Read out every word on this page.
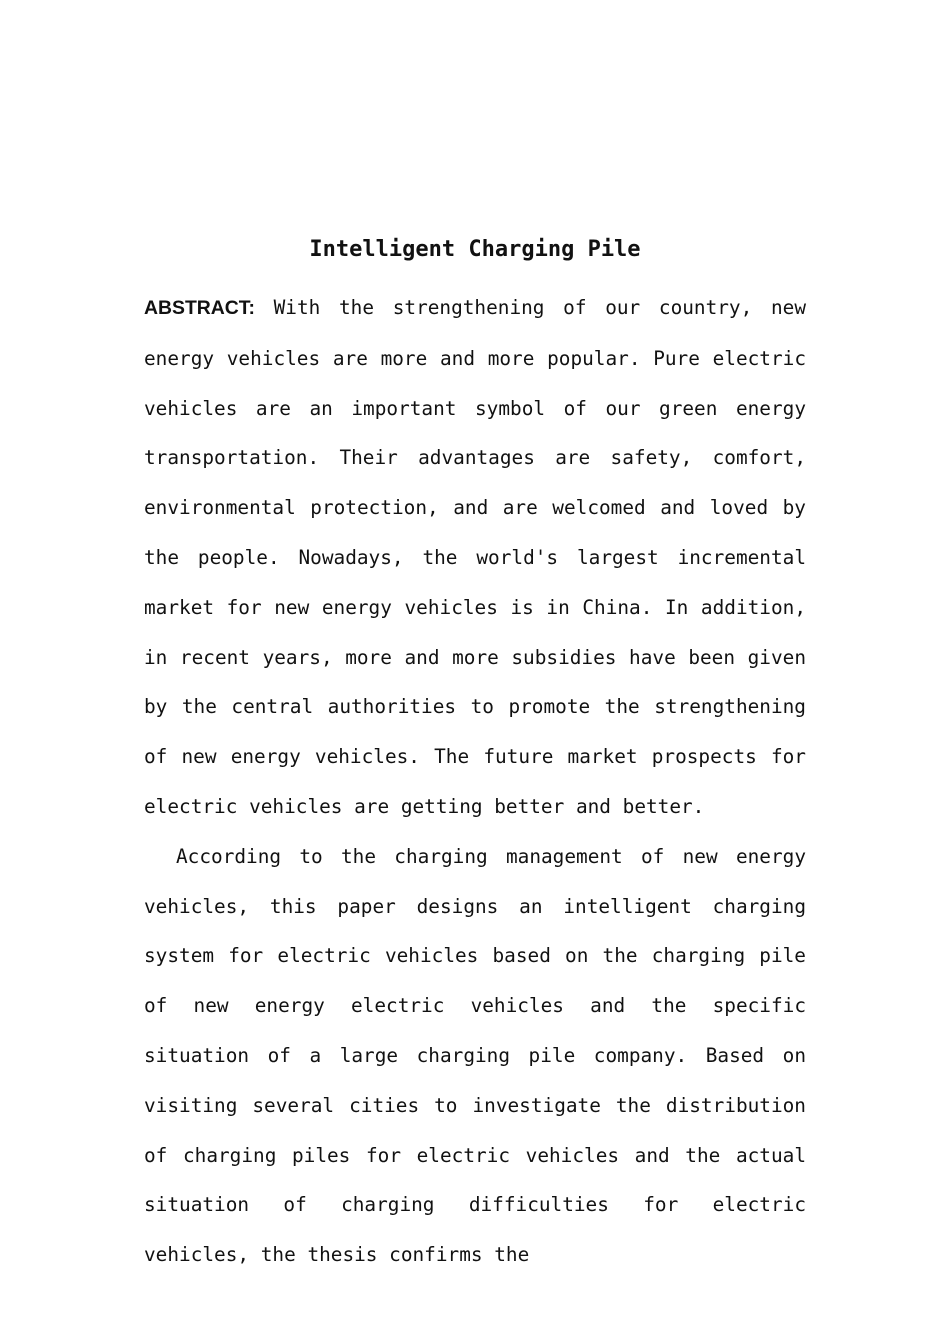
Intelligent Charging Pile

ABSTRACT: With the strengthening of our country, new energy vehicles are more and more popular. Pure electric vehicles are an important symbol of our green energy transportation. Their advantages are safety, comfort, environmental protection, and are welcomed and loved by the people. Nowadays, the world's largest incremental market for new energy vehicles is in China. In addition, in recent years, more and more subsidies have been given by the central authorities to promote the strengthening of new energy vehicles. The future market prospects for electric vehicles are getting better and better.

According to the charging management of new energy vehicles, this paper designs an intelligent charging system for electric vehicles based on the charging pile of new energy electric vehicles and the specific situation of a large charging pile company. Based on visiting several cities to investigate the distribution of charging piles for electric vehicles and the actual situation of charging difficulties for electric vehicles, the thesis confirms the
